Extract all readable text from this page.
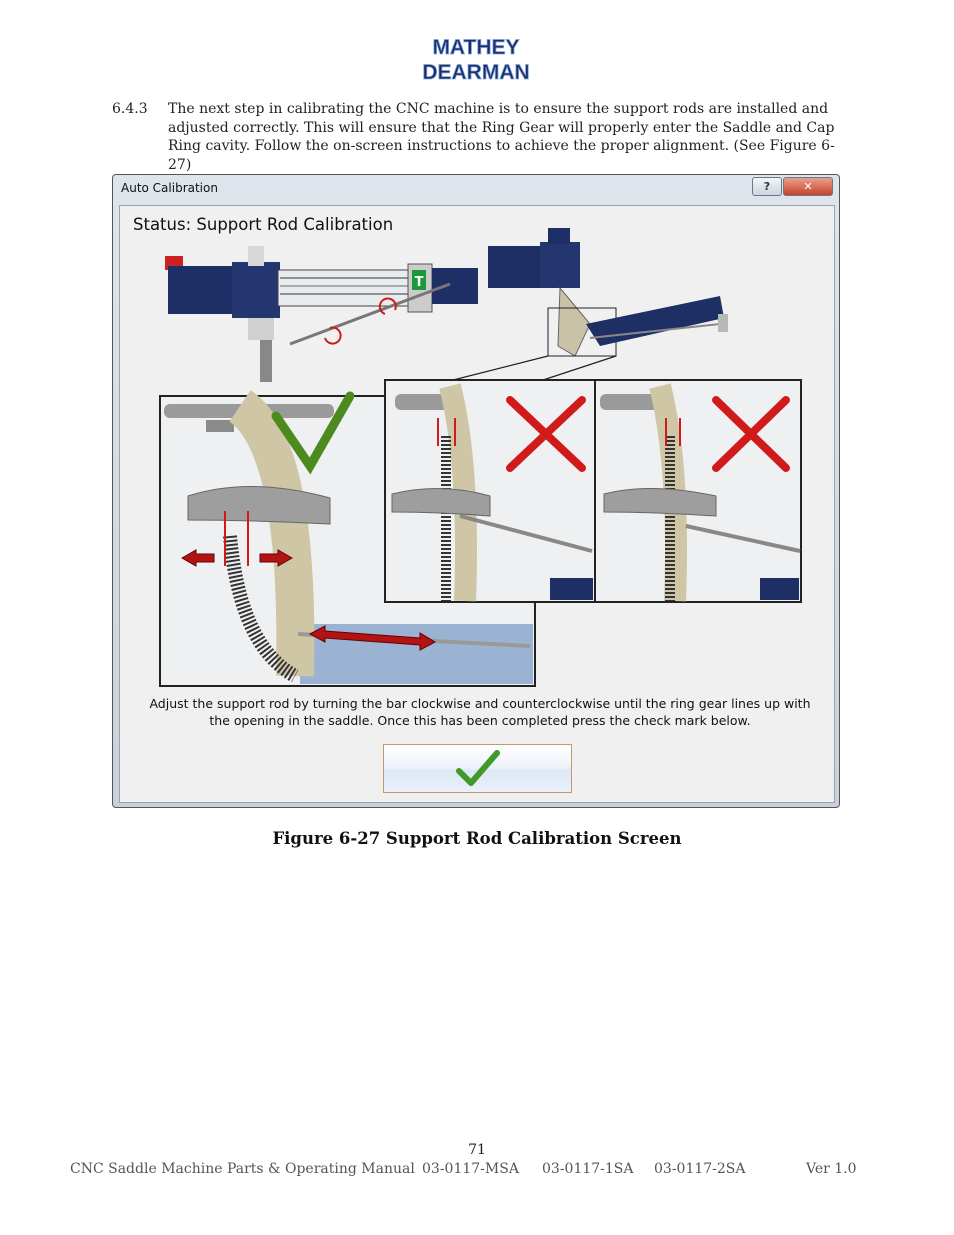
MATHEY
DEARMAN
6.4.3	The next step in calibrating the CNC machine is to ensure the support rods are installed and adjusted correctly. This will ensure that the Ring Gear will properly enter the Saddle and Cap Ring cavity. Follow the on-screen instructions to achieve the proper alignment. (See Figure 6-27)
Auto Calibration	?	✕
Status: Support Rod Calibration
T
Adjust the support rod by turning the bar clockwise and counterclockwise until the ring gear lines up with the opening in the saddle. Once this has been completed press the check mark below.
Figure 6-27 Support Rod Calibration Screen
71
CNC Saddle Machine Parts & Operating Manual 03-0117-MSA 03-0117-1SA 03-0117-2SA	Ver 1.0
